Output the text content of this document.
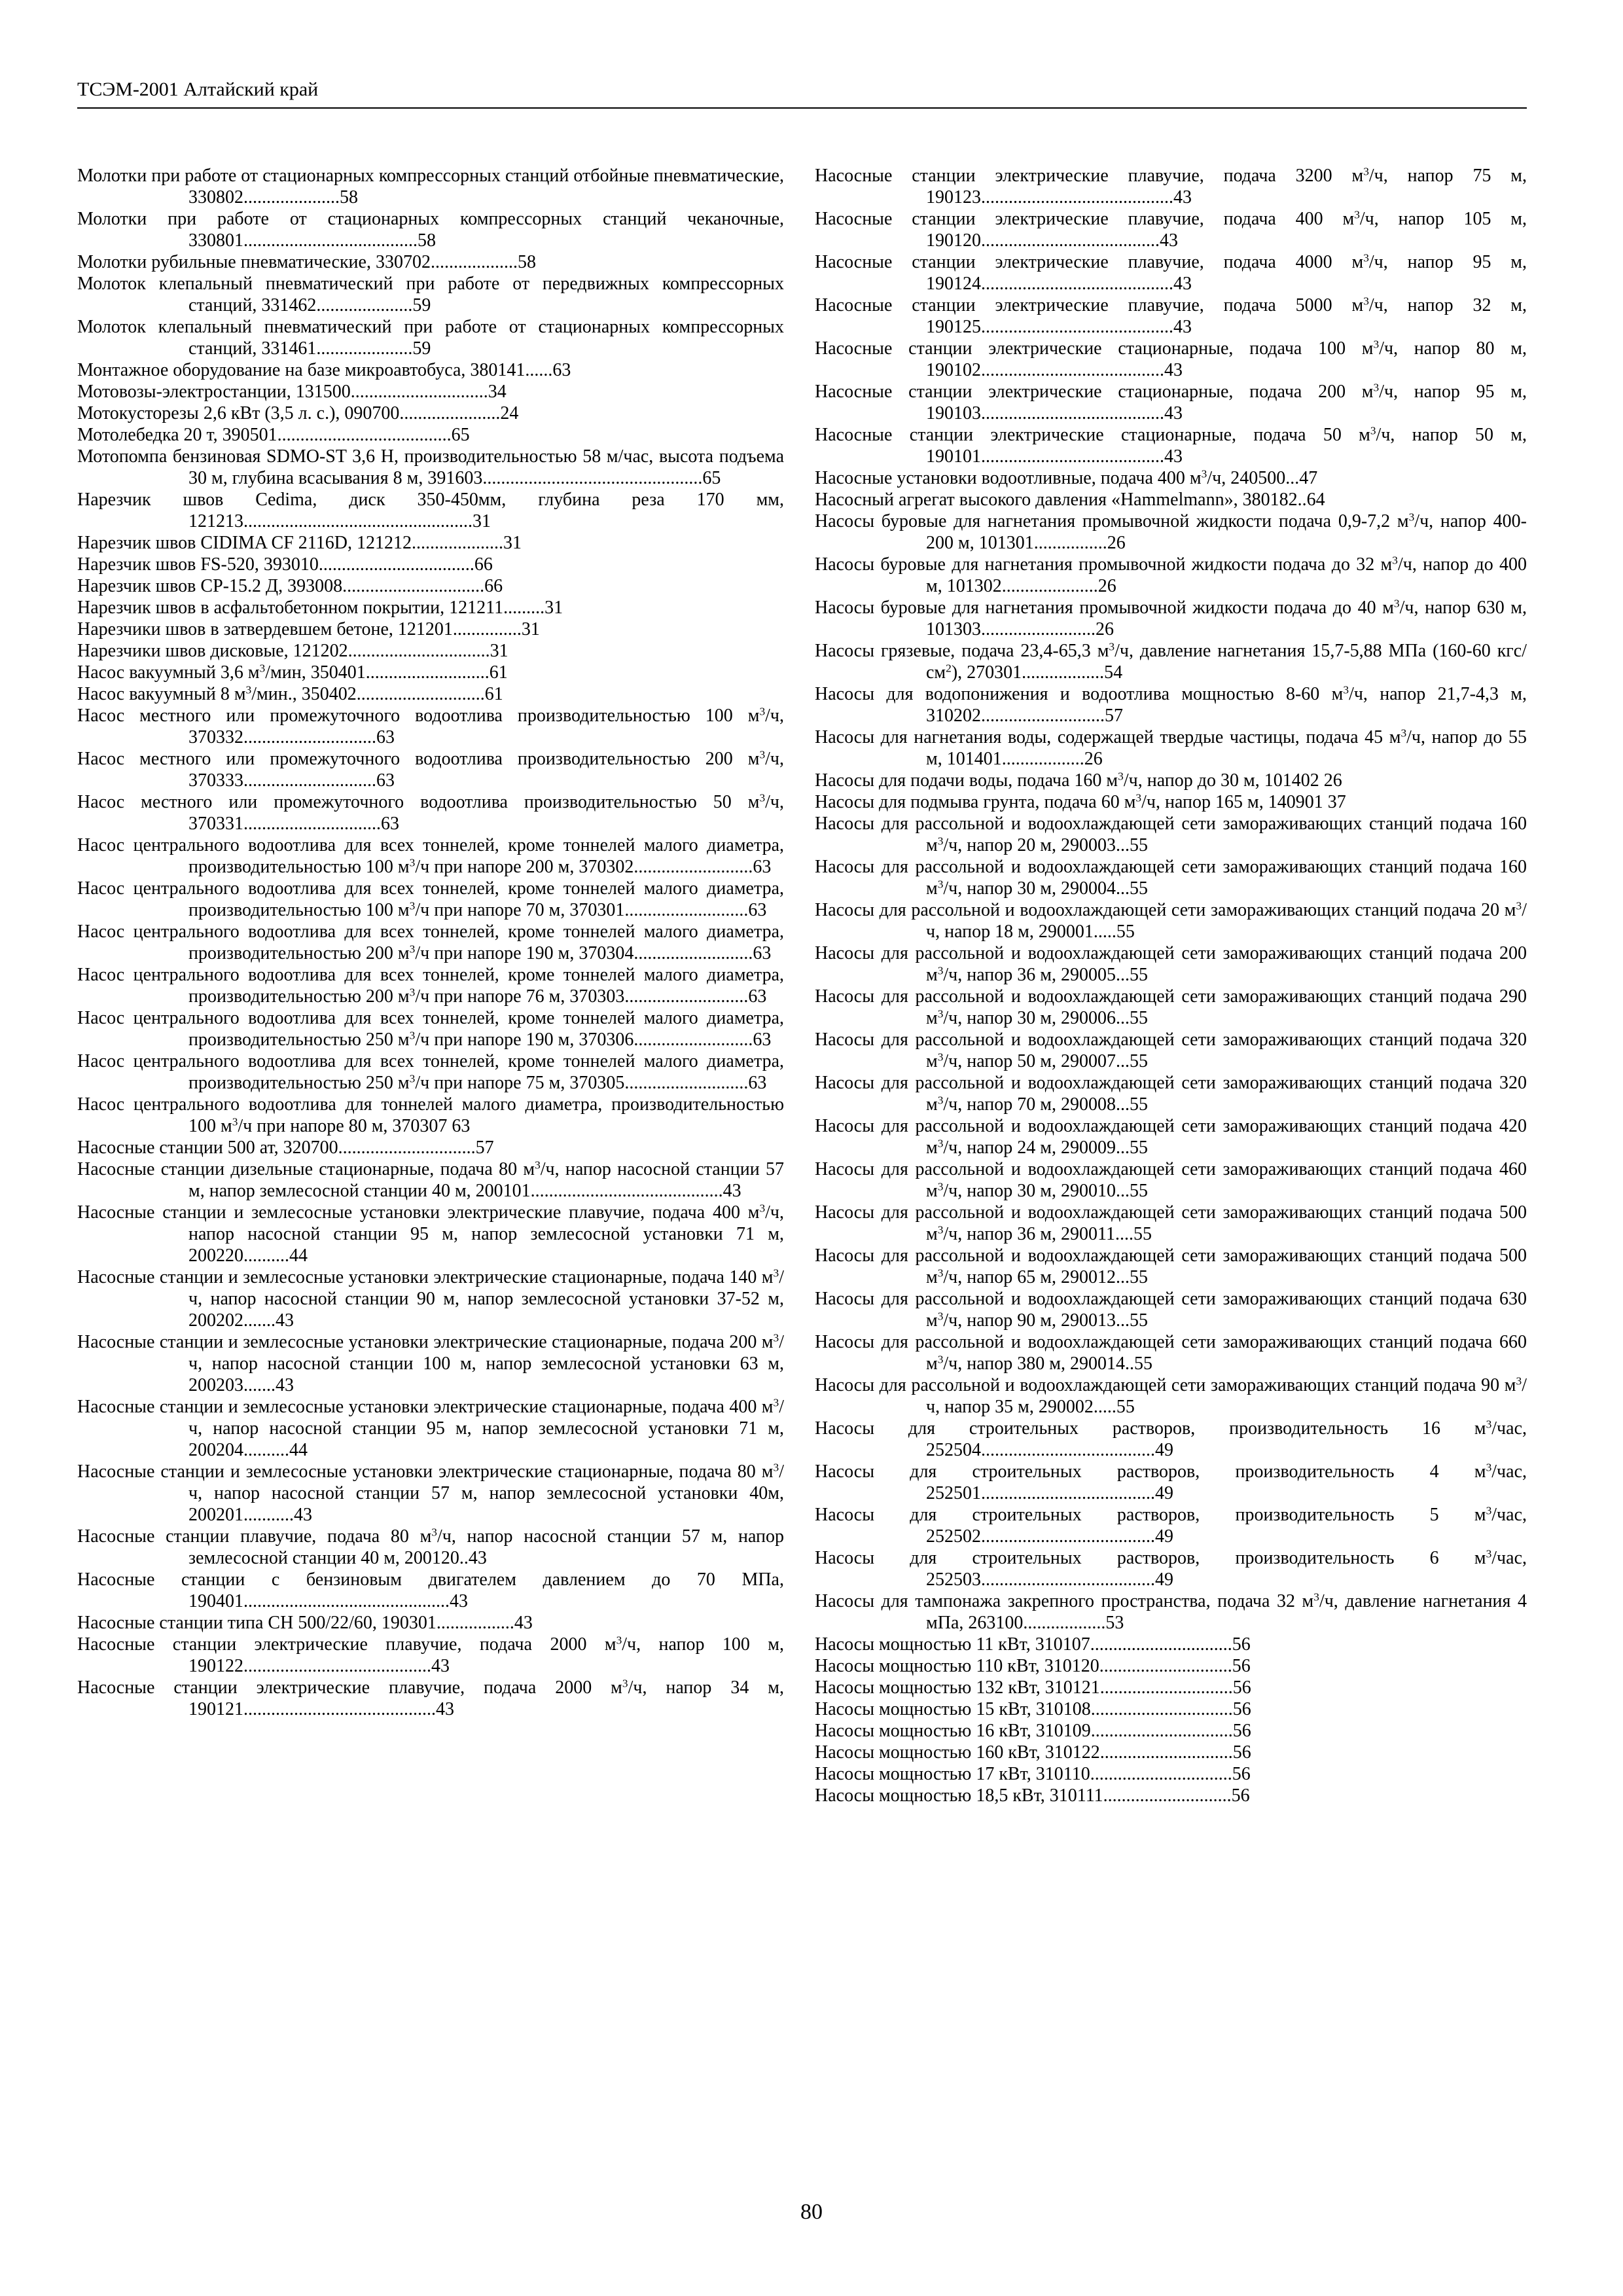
ТСЭМ-2001 Алтайский край

Молотки при работе от стационарных компрессорных станций отбойные пневматические, 330802.....................58

Молотки при работе от стационарных компрессорных станций чеканочные, 330801......................................58

Молотки рубильные пневматические, 330702...................58

Молоток клепальный пневматический при работе от передвижных компрессорных станций, 331462.....................59

Молоток клепальный пневматический при работе от стационарных компрессорных станций, 331461.....................59

Монтажное оборудование на базе микроавтобуса, 380141......63

Мотовозы-электростанции, 131500..............................34

Мотокусторезы 2,6 кВт (3,5 л. с.), 090700......................24

Мотолебедка 20 т, 390501......................................65

Мотопомпа бензиновая SDMO-ST 3,6 H, производительностью 58 м/час, высота подъема 30 м, глубина всасывания 8 м, 391603................................................65

Нарезчик швов Cedima, диск 350-450мм, глубина реза 170 мм, 121213..................................................31

Нарезчик швов CIDIMA CF 2116D, 121212....................31

Нарезчик швов FS-520, 393010..................................66

Нарезчик швов CP-15.2 Д, 393008...............................66

Нарезчик швов в асфальтобетонном покрытии, 121211.........31

Нарезчики швов в затвердевшем бетоне, 121201...............31

Нарезчики швов дисковые, 121202...............................31

Насос вакуумный 3,6 $м^3$/мин, 350401...........................61

Насос вакуумный 8 $м^3$/мин., 350402............................61

Насос местного или промежуточного водоотлива производительностью 100 $м^3/ч$, 370332.............................63

Насос местного или промежуточного водоотлива производительностью 200 $м^3/ч$, 370333.............................63

Насос местного или промежуточного водоотлива производительностью 50 $м^3/ч$, 370331..............................63

Насос центрального водоотлива для всех тоннелей, кроме тоннелей малого диаметра, производительностью 100 $м^3/ч$ при напоре 200 м, 370302..........................63

Насос центрального водоотлива для всех тоннелей, кроме тоннелей малого диаметра, производительностью 100 $м^3/ч$ при напоре 70 м, 370301...........................63

Насос центрального водоотлива для всех тоннелей, кроме тоннелей малого диаметра, производительностью 200 $м^3/ч$ при напоре 190 м, 370304..........................63

Насос центрального водоотлива для всех тоннелей, кроме тоннелей малого диаметра, производительностью 200 $м^3/ч$ при напоре 76 м, 370303...........................63

Насос центрального водоотлива для всех тоннелей, кроме тоннелей малого диаметра, производительностью 250 $м^3/ч$ при напоре 190 м, 370306..........................63

Насос центрального водоотлива для всех тоннелей, кроме тоннелей малого диаметра, производительностью 250 $м^3/ч$ при напоре 75 м, 370305...........................63

Насос центрального водоотлива для тоннелей малого диаметра, производительностью 100 $м^3/ч$ при напоре 80 м, 370307 63

Насосные станции 500 ат, 320700..............................57

Насосные станции дизельные стационарные, подача 80 $м^3/ч$, напор насосной станции 57 м, напор землесосной станции 40 м, 200101..........................................43

Насосные станции и землесосные установки электрические плавучие, подача 400 $м^3/ч$, напор насосной станции 95 м, напор землесосной установки 71 м, 200220..........44

Насосные станции и землесосные установки электрические стационарные, подача 140 $м^3/ч$, напор насосной станции 90 м, напор землесосной установки 37-52 м, 200202.......43

Насосные станции и землесосные установки электрические стационарные, подача 200 $м^3/ч$, напор насосной станции 100 м, напор землесосной установки 63 м, 200203.......43

Насосные станции и землесосные установки электрические стационарные, подача 400 $м^3/ч$, напор насосной станции 95 м, напор землесосной установки 71 м, 200204..........44

Насосные станции и землесосные установки электрические стационарные, подача 80 $м^3/ч$, напор насосной станции 57 м, напор землесосной установки 40м, 200201...........43

Насосные станции плавучие, подача 80 $м^3/ч$, напор насосной станции 57 м, напор землесосной станции 40 м, 200120..43

Насосные станции с бензиновым двигателем давлением до 70 МПа, 190401.............................................43

Насосные станции типа СН 500/22/60, 190301.................43

Насосные станции электрические плавучие, подача 2000 $м^3/ч$, напор 100 м, 190122.........................................43

Насосные станции электрические плавучие, подача 2000 $м^3/ч$, напор 34 м, 190121..........................................43

Насосные станции электрические плавучие, подача 3200 $м^3/ч$, напор 75 м, 190123..........................................43

Насосные станции электрические плавучие, подача 400 $м^3/ч$, напор 105 м, 190120.......................................43

Насосные станции электрические плавучие, подача 4000 $м^3/ч$, напор 95 м, 190124..........................................43

Насосные станции электрические плавучие, подача 5000 $м^3/ч$, напор 32 м, 190125..........................................43

Насосные станции электрические стационарные, подача 100 $м^3/ч$, напор 80 м, 190102........................................43

Насосные станции электрические стационарные, подача 200 $м^3/ч$, напор 95 м, 190103........................................43

Насосные станции электрические стационарные, подача 50 $м^3/ч$, напор 50 м, 190101........................................43

Насосные установки водоотливные, подача 400 $м^3/ч$, 240500...47

Насосный агрегат высокого давления «Hammelmann», 380182..64

Насосы буровые для нагнетания промывочной жидкости подача 0,9-7,2 $м^3/ч$, напор 400-200 м, 101301................26

Насосы буровые для нагнетания промывочной жидкости подача до 32 $м^3/ч$, напор до 400 м, 101302.....................26

Насосы буровые для нагнетания промывочной жидкости подача до 40 $м^3/ч$, напор 630 м, 101303.........................26

Насосы грязевые, подача 23,4-65,3 $м^3/ч$, давление нагнетания 15,7-5,88 МПа (160-60 кгс/$см^2$), 270301..................54

Насосы для водопонижения и водоотлива мощностью 8-60 $м^3/ч$, напор 21,7-4,3 м, 310202...........................57

Насосы для нагнетания воды, содержащей твердые частицы, подача 45 $м^3/ч$, напор до 55 м, 101401..................26

Насосы для подачи воды, подача 160 $м^3/ч$, напор до 30 м, 101402 26

Насосы для подмыва грунта, подача 60 $м^3/ч$, напор 165 м, 140901 37

Насосы для рассольной и водоохлаждающей сети замораживающих станций подача 160 $м^3/ч$, напор 20 м, 290003...55

Насосы для рассольной и водоохлаждающей сети замораживающих станций подача 160 $м^3/ч$, напор 30 м, 290004...55

Насосы для рассольной и водоохлаждающей сети замораживающих станций подача 20 $м^3/ч$, напор 18 м, 290001.....55

Насосы для рассольной и водоохлаждающей сети замораживающих станций подача 200 $м^3/ч$, напор 36 м, 290005...55

Насосы для рассольной и водоохлаждающей сети замораживающих станций подача 290 $м^3/ч$, напор 30 м, 290006...55

Насосы для рассольной и водоохлаждающей сети замораживающих станций подача 320 $м^3/ч$, напор 50 м, 290007...55

Насосы для рассольной и водоохлаждающей сети замораживающих станций подача 320 $м^3/ч$, напор 70 м, 290008...55

Насосы для рассольной и водоохлаждающей сети замораживающих станций подача 420 $м^3/ч$, напор 24 м, 290009...55

Насосы для рассольной и водоохлаждающей сети замораживающих станций подача 460 $м^3/ч$, напор 30 м, 290010...55

Насосы для рассольной и водоохлаждающей сети замораживающих станций подача 500 $м^3/ч$, напор 36 м, 290011....55

Насосы для рассольной и водоохлаждающей сети замораживающих станций подача 500 $м^3/ч$, напор 65 м, 290012...55

Насосы для рассольной и водоохлаждающей сети замораживающих станций подача 630 $м^3/ч$, напор 90 м, 290013...55

Насосы для рассольной и водоохлаждающей сети замораживающих станций подача 660 $м^3/ч$, напор 380 м, 290014..55

Насосы для рассольной и водоохлаждающей сети замораживающих станций подача 90 $м^3/ч$, напор 35 м, 290002.....55

Насосы для строительных растворов, производительность 16 $м^3$/час, 252504......................................49

Насосы для строительных растворов, производительность 4 $м^3$/час, 252501......................................49

Насосы для строительных растворов, производительность 5 $м^3$/час, 252502......................................49

Насосы для строительных растворов, производительность 6 $м^3$/час, 252503......................................49

Насосы для тампонажа закрепного пространства, подача 32 $м^3/ч$, давление нагнетания 4 мПа, 263100..................53

Насосы мощностью 11 кВт, 310107...............................56

Насосы мощностью 110 кВт, 310120.............................56

Насосы мощностью 132 кВт, 310121.............................56

Насосы мощностью 15 кВт, 310108...............................56

Насосы мощностью 16 кВт, 310109...............................56

Насосы мощностью 160 кВт, 310122.............................56

Насосы мощностью 17 кВт, 310110...............................56

Насосы мощностью 18,5 кВт, 310111............................56

80
